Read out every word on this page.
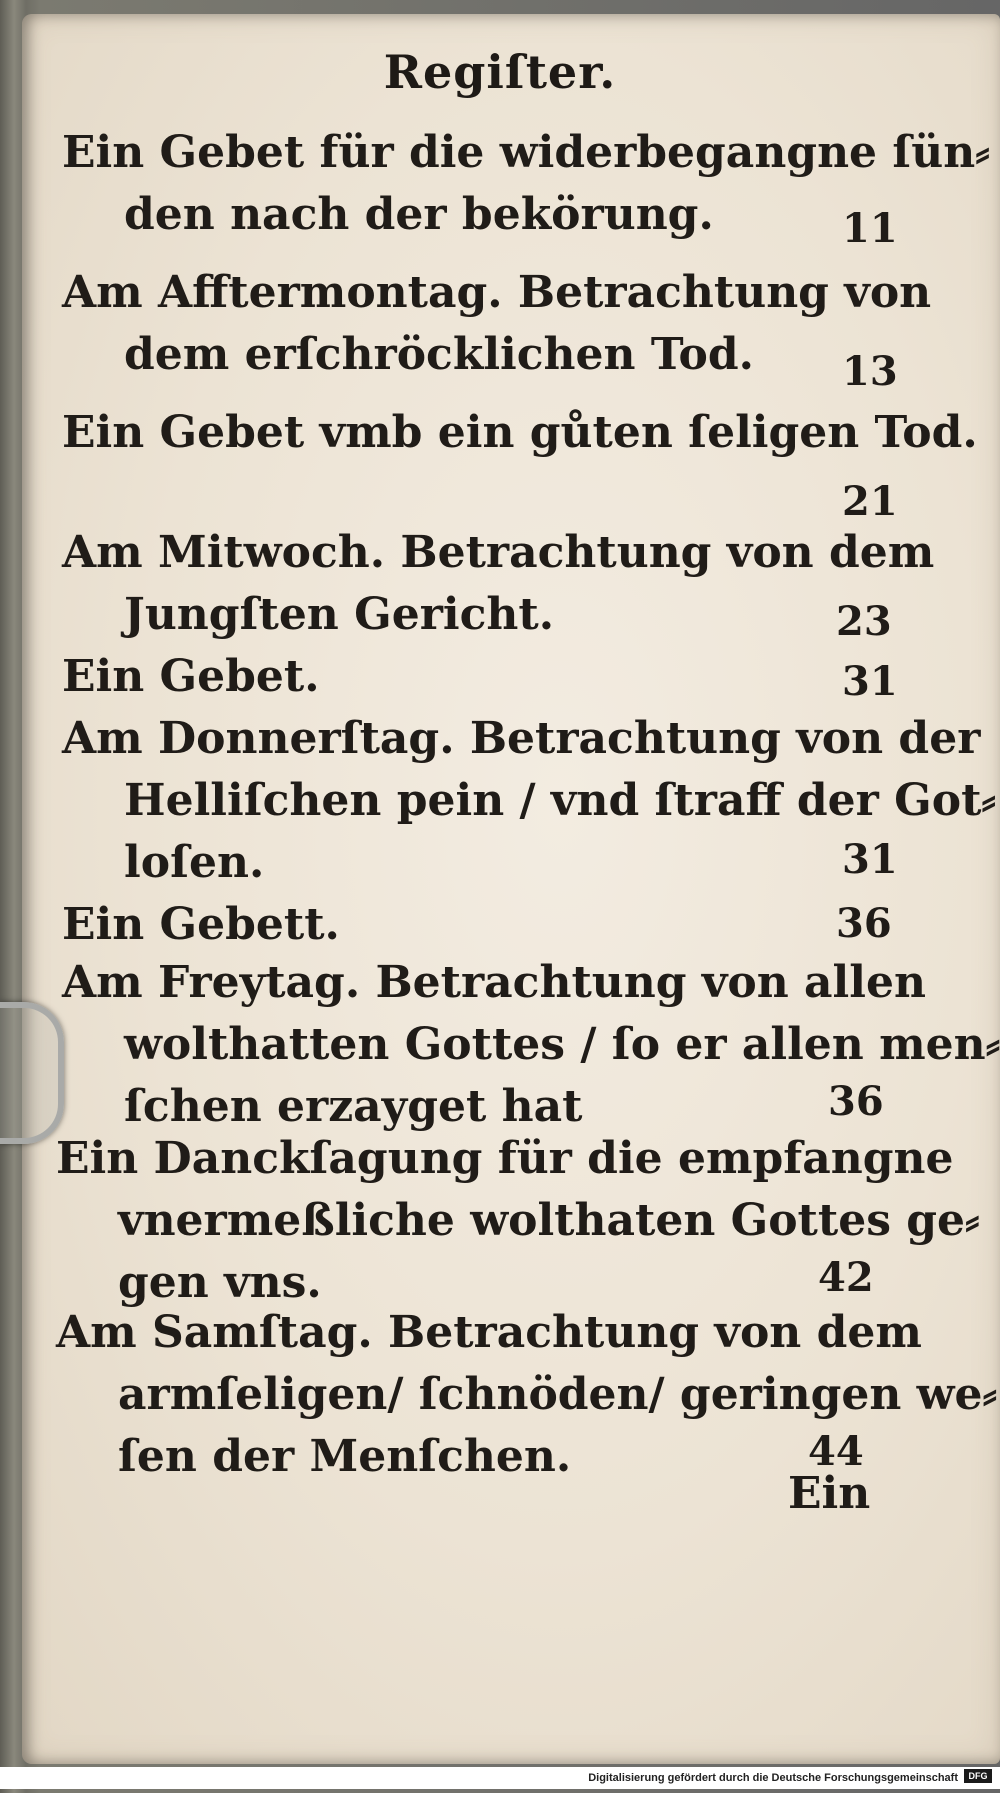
Regiſter.
Ein Gebet für die widerbegangne ſün⸗
den nach der bekörung.	11
Am Afftermontag. Betrachtung von
dem erſchröcklichen Tod.	13
Ein Gebet vmb ein gůten ſeligen Tod.
21
Am Mitwoch. Betrachtung von dem
Jungſten Gericht.	23
Ein Gebet.	31
Am Donnerſtag. Betrachtung von der
Helliſchen pein / vnd ſtraff der Got⸗
loſen.	31
Ein Gebett.	36
Am Freytag. Betrachtung von allen
wolthatten Gottes / ſo er allen men⸗
ſchen erzayget hat	36
Ein Danckſagung für die empfangne
vnermeßliche wolthaten Gottes ge⸗
gen vns.	42
Am Samſtag. Betrachtung von dem
armſeligen/ ſchnöden/ geringen we⸗
ſen der Menſchen.	44
Ein
Digitalisierung gefördert durch die Deutsche Forschungsgemeinschaft	DFG
